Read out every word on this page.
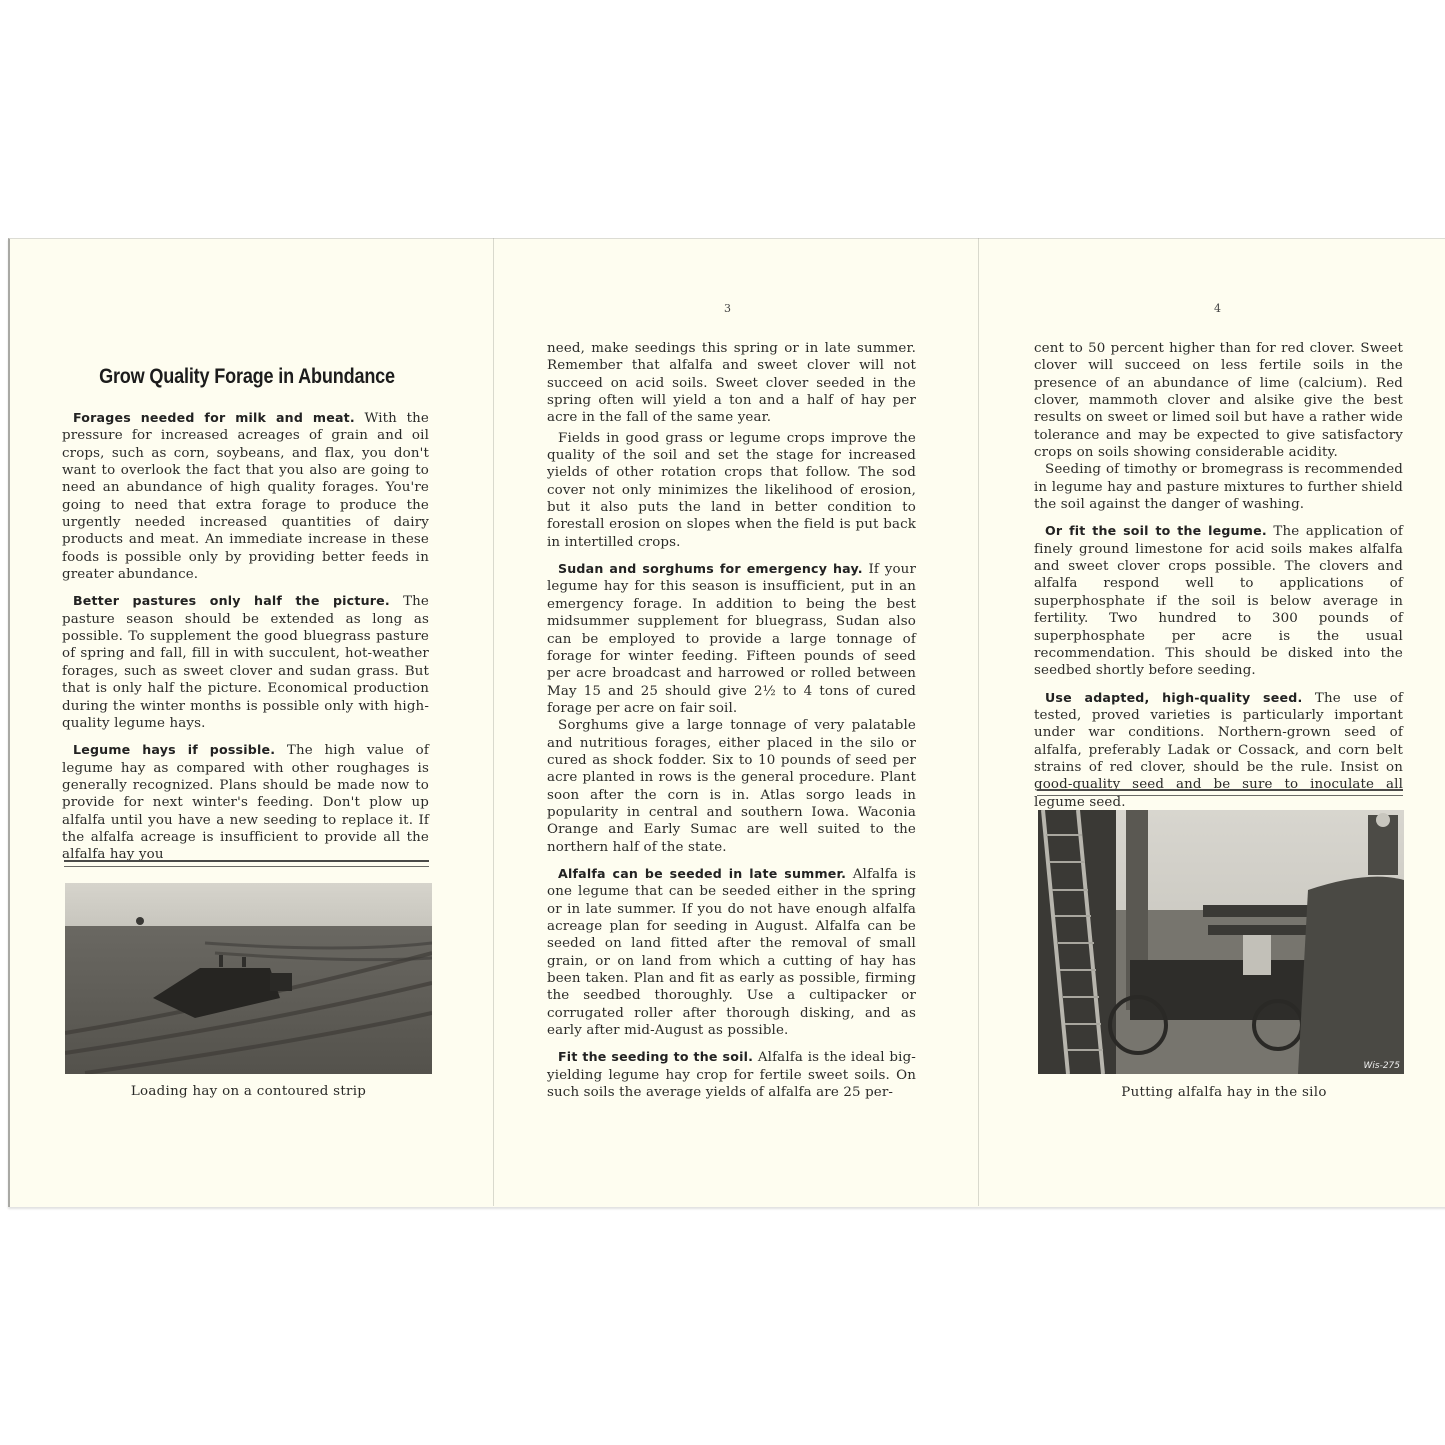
Grow Quality Forage in Abundance

Forages needed for milk and meat. With the pressure for increased acreages of grain and oil crops, such as corn, soybeans, and flax, you don't want to overlook the fact that you also are going to need an abundance of high quality forages. You're going to need that extra forage to produce the urgently needed increased quantities of dairy products and meat. An immediate increase in these foods is possible only by providing better feeds in greater abundance.

Better pastures only half the picture. The pasture season should be extended as long as possible. To supplement the good bluegrass pasture of spring and fall, fill in with succulent, hot-weather forages, such as sweet clover and sudan grass. But that is only half the picture. Economical production during the winter months is possible only with high-quality legume hays.

Legume hays if possible. The high value of legume hay as compared with other roughages is generally recognized. Plans should be made now to provide for next winter's feeding. Don't plow up alfalfa until you have a new seeding to replace it. If the alfalfa acreage is insufficient to provide all the alfalfa hay you

Loading hay on a contoured strip
3

need, make seedings this spring or in late summer. Remember that alfalfa and sweet clover will not succeed on acid soils. Sweet clover seeded in the spring often will yield a ton and a half of hay per acre in the fall of the same year.

Fields in good grass or legume crops improve the quality of the soil and set the stage for increased yields of other rotation crops that follow. The sod cover not only minimizes the likelihood of erosion, but it also puts the land in better condition to forestall erosion on slopes when the field is put back in intertilled crops.

Sudan and sorghums for emergency hay. If your legume hay for this season is insufficient, put in an emergency forage. In addition to being the best midsummer supplement for bluegrass, Sudan also can be employed to provide a large tonnage of forage for winter feeding. Fifteen pounds of seed per acre broadcast and harrowed or rolled between May 15 and 25 should give 2½ to 4 tons of cured forage per acre on fair soil.

Sorghums give a large tonnage of very palatable and nutritious forages, either placed in the silo or cured as shock fodder. Six to 10 pounds of seed per acre planted in rows is the general procedure. Plant soon after the corn is in. Atlas sorgo leads in popularity in central and southern Iowa. Waconia Orange and Early Sumac are well suited to the northern half of the state.

Alfalfa can be seeded in late summer. Alfalfa is one legume that can be seeded either in the spring or in late summer. If you do not have enough alfalfa acreage plan for seeding in August. Alfalfa can be seeded on land fitted after the removal of small grain, or on land from which a cutting of hay has been taken. Plan and fit as early as possible, firming the seedbed thoroughly. Use a cultipacker or corrugated roller after thorough disking, and as early after mid-August as possible.

Fit the seeding to the soil. Alfalfa is the ideal big-yielding legume hay crop for fertile sweet soils. On such soils the average yields of alfalfa are 25 per-

4

cent to 50 percent higher than for red clover. Sweet clover will succeed on less fertile soils in the presence of an abundance of lime (calcium). Red clover, mammoth clover and alsike give the best results on sweet or limed soil but have a rather wide tolerance and may be expected to give satisfactory crops on soils showing considerable acidity.

Seeding of timothy or bromegrass is recommended in legume hay and pasture mixtures to further shield the soil against the danger of washing.

Or fit the soil to the legume. The application of finely ground limestone for acid soils makes alfalfa and sweet clover crops possible. The clovers and alfalfa respond well to applications of superphosphate if the soil is below average in fertility. Two hundred to 300 pounds of superphosphate per acre is the usual recommendation. This should be disked into the seedbed shortly before seeding.

Use adapted, high-quality seed. The use of tested, proved varieties is particularly important under war conditions. Northern-grown seed of alfalfa, preferably Ladak or Cossack, and corn belt strains of red clover, should be the rule. Insist on good-quality seed and be sure to inoculate all legume seed.

Wis-275
Putting alfalfa hay in the silo
